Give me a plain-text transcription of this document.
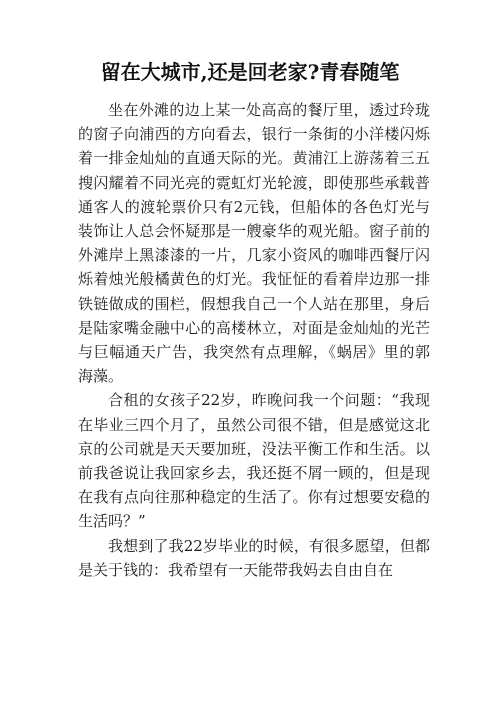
留在大城市,还是回老家?青春随笔

坐在外滩的边上某一处高高的餐厅里，透过玲珑的窗子向浦西的方向看去，银行一条街的小洋楼闪烁着一排金灿灿的直通天际的光。黄浦江上游荡着三五搜闪耀着不同光亮的霓虹灯光轮渡，即使那些承载普通客人的渡轮票价只有2元钱，但船体的各色灯光与装饰让人总会怀疑那是一艘豪华的观光船。窗子前的外滩岸上黑漆漆的一片，几家小资风的咖啡西餐厅闪烁着烛光般橘黄色的灯光。我怔怔的看着岸边那一排铁链做成的围栏，假想我自己一个人站在那里，身后是陆家嘴金融中心的高楼林立，对面是金灿灿的光芒与巨幅通天广告，我突然有点理解，《蜗居》里的郭海藻。

合租的女孩子22岁，昨晚问我一个问题：“我现在毕业三四个月了，虽然公司很不错，但是感觉这北京的公司就是天天要加班，没法平衡工作和生活。以前我爸说让我回家乡去，我还挺不屑一顾的，但是现在我有点向往那种稳定的生活了。你有过想要安稳的生活吗？”

我想到了我22岁毕业的时候，有很多愿望，但都是关于钱的：我希望有一天能带我妈去自由自在
